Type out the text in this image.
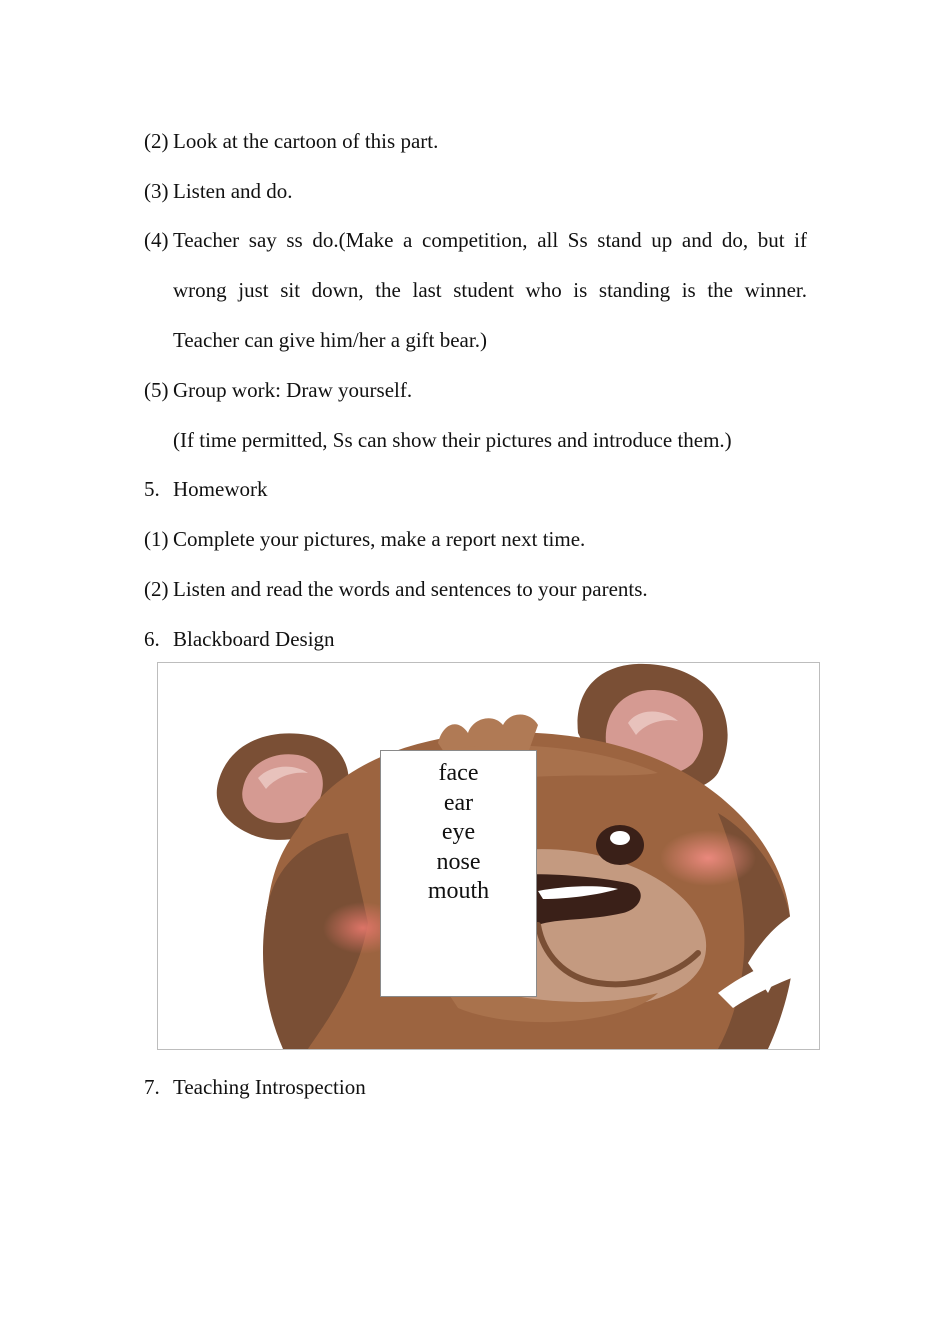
(2) Look at the cartoon of this part.
(3) Listen and do.
(4) Teacher say ss do.(Make a competition, all Ss stand up and do, but if
wrong just sit down, the last student who is standing is the winner.
Teacher can give him/her a gift bear.)
(5) Group work: Draw yourself.
(If time permitted, Ss can show their pictures and introduce them.)
5. Homework
(1) Complete your pictures, make a report next time.
(2) Listen and read the words and sentences to your parents.
6. Blackboard Design
face
ear
eye
nose
mouth
7. Teaching Introspection
